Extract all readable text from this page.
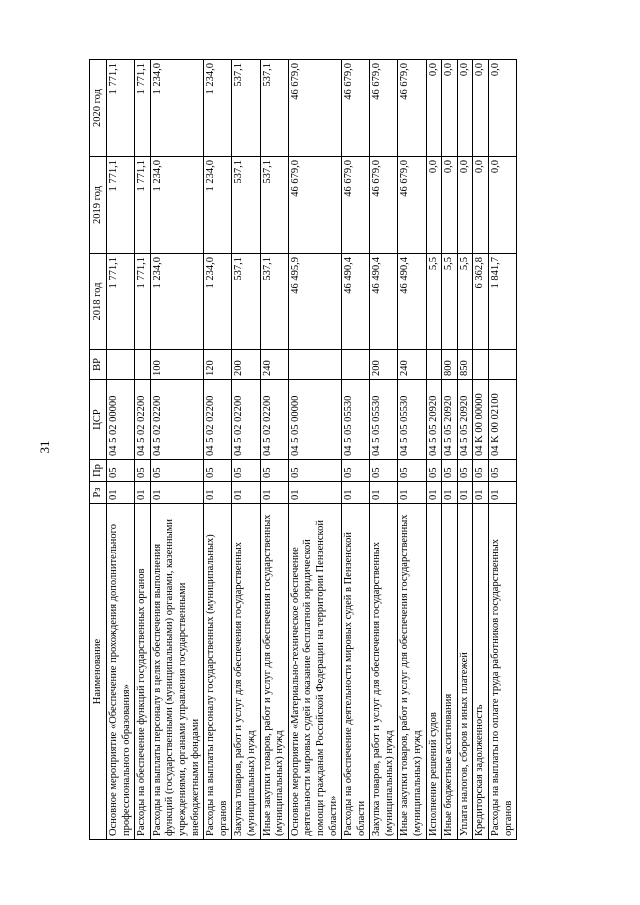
31
Наименование	Рз	Пр	ЦСР	ВР	2018 год	2019 год	2020 год
Основное мероприятие «Обеспечение прохождения дополнительного профессионального образования»	01	05	04 5 02 00000		1 771,1	1 771,1	1 771,1
Расходы на обеспечение функций государственных органов	01	05	04 5 02 02200		1 771,1	1 771,1	1 771,1
Расходы на выплаты персоналу в целях обеспечения выполнения функций (государственными (муниципальными) органами, казенными учреждениями, органами управления государственными внебюджетными фондами	01	05	04 5 02 02200	100	1 234,0	1 234,0	1 234,0
Расходы на выплаты персоналу государственных (муниципальных) органов	01	05	04 5 02 02200	120	1 234,0	1 234,0	1 234,0
Закупка товаров, работ и услуг для обеспечения государственных (муниципальных) нужд	01	05	04 5 02 02200	200	537,1	537,1	537,1
Иные закупки товаров, работ и услуг для обеспечения государственных (муниципальных) нужд	01	05	04 5 02 02200	240	537,1	537,1	537,1
Основное мероприятие «Материально-техническое обеспечение деятельности мировых судей и оказание бесплатной юридической помощи гражданам Российской Федерации на территории Пензенской области»	01	05	04 5 05 00000		46 495,9	46 679,0	46 679,0
Расходы на обеспечение деятельности мировых судей в Пензенской области	01	05	04 5 05 05530		46 490,4	46 679,0	46 679,0
Закупка товаров, работ и услуг для обеспечения государственных (муниципальных) нужд	01	05	04 5 05 05530	200	46 490,4	46 679,0	46 679,0
Иные закупки товаров, работ и услуг для обеспечения государственных (муниципальных) нужд	01	05	04 5 05 05530	240	46 490,4	46 679,0	46 679,0
Исполнение решений судов	01	05	04 5 05 20920		5,5	0,0	0,0
Иные бюджетные ассигнования	01	05	04 5 05 20920	800	5,5	0,0	0,0
Уплата налогов, сборов и иных платежей	01	05	04 5 05 20920	850	5,5	0,0	0,0
Кредиторская задолженность	01	05	04 K 00 00000		6 362,8	0,0	0,0
Расходы на выплаты по оплате труда работников государственных органов	01	05	04 K 00 02100		1 841,7	0,0	0,0
